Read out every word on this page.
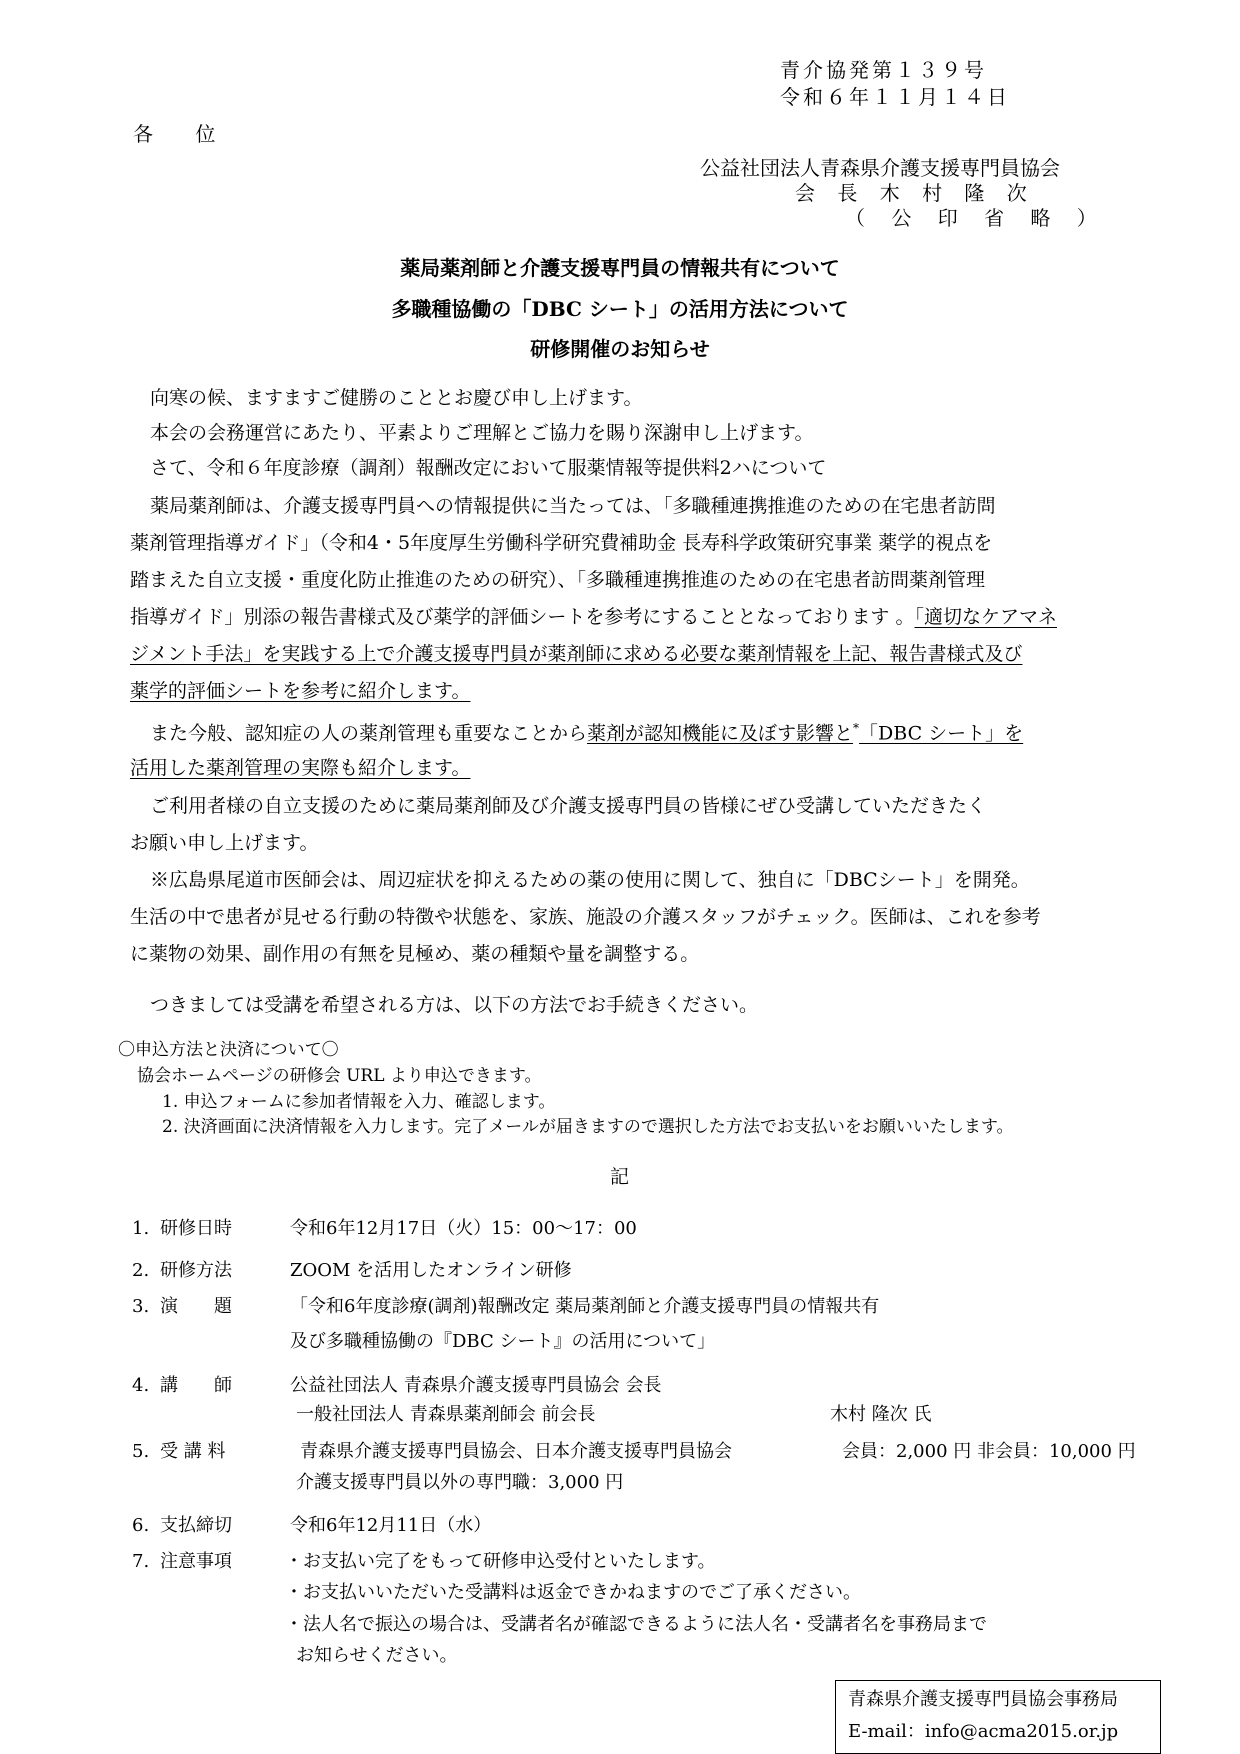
青介協発第１３９号
令和６年１１月１４日
各 位
公益社団法人青森県介護支援専門員協会
会 長 木 村 隆 次
（ 公 印 省 略 ）
薬局薬剤師と介護支援専門員の情報共有について
多職種協働の「DBC シート」の活用方法について
研修開催のお知らせ
向寒の候、ますますご健勝のこととお慶び申し上げます。
本会の会務運営にあたり、平素よりご理解とご協力を賜り深謝申し上げます。
さて、令和６年度診療（調剤）報酬改定において服薬情報等提供料2ハについて
薬局薬剤師は、介護支援専門員への情報提供に当たっては、「多職種連携推進のための在宅患者訪問
薬剤管理指導ガイド」（令和4・5年度厚生労働科学研究費補助金 長寿科学政策研究事業 薬学的視点を
踏まえた自立支援・重度化防止推進のための研究）、「多職種連携推進のための在宅患者訪問薬剤管理
指導ガイド」別添の報告書様式及び薬学的評価シートを参考にすることとなっております 。「適切なケアマネ
ジメント手法」を実践する上で介護支援専門員が薬剤師に求める必要な薬剤情報を上記、報告書様式及び
薬学的評価シートを参考に紹介します。
また今般、認知症の人の薬剤管理も重要なことから薬剤が認知機能に及ぼす影響と*「DBC シート」を
活用した薬剤管理の実際も紹介します。
ご利用者様の自立支援のために薬局薬剤師及び介護支援専門員の皆様にぜひ受講していただきたく
お願い申し上げます。
※広島県尾道市医師会は、周辺症状を抑えるための薬の使用に関して、独自に「DBCシート」を開発。
生活の中で患者が見せる行動の特徴や状態を、家族、施設の介護スタッフがチェック。医師は、これを参考
に薬物の効果、副作用の有無を見極め、薬の種類や量を調整する。
つきましては受講を希望される方は、以下の方法でお手続きください。
〇申込方法と決済について〇
協会ホームページの研修会 URL より申込できます。
1. 申込フォームに参加者情報を入力、確認します。
2. 決済画面に決済情報を入力します。完了メールが届きますので選択した方法でお支払いをお願いいたします。
記
1. 研修日時	令和6年12月17日（火）15：00～17：00
2. 研修方法	ZOOM を活用したオンライン研修
3. 演　　題	「令和6年度診療(調剤)報酬改定 薬局薬剤師と介護支援専門員の情報共有
及び多職種協働の『DBC シート』の活用について」
4. 講　　師	公益社団法人 青森県介護支援専門員協会 会長
一般社団法人 青森県薬剤師会 前会長	木村 隆次 氏
5. 受 講 料	青森県介護支援専門員協会、日本介護支援専門員協会	会員：2,000 円 非会員：10,000 円
介護支援専門員以外の専門職：3,000 円
6. 支払締切	令和6年12月11日（水）
7. 注意事項	・お支払い完了をもって研修申込受付といたします。
・お支払いいただいた受講料は返金できかねますのでご了承ください。
・法人名で振込の場合は、受講者名が確認できるように法人名・受講者名を事務局まで
お知らせください。
青森県介護支援専門員協会事務局
E-mail：info@acma2015.or.jp
